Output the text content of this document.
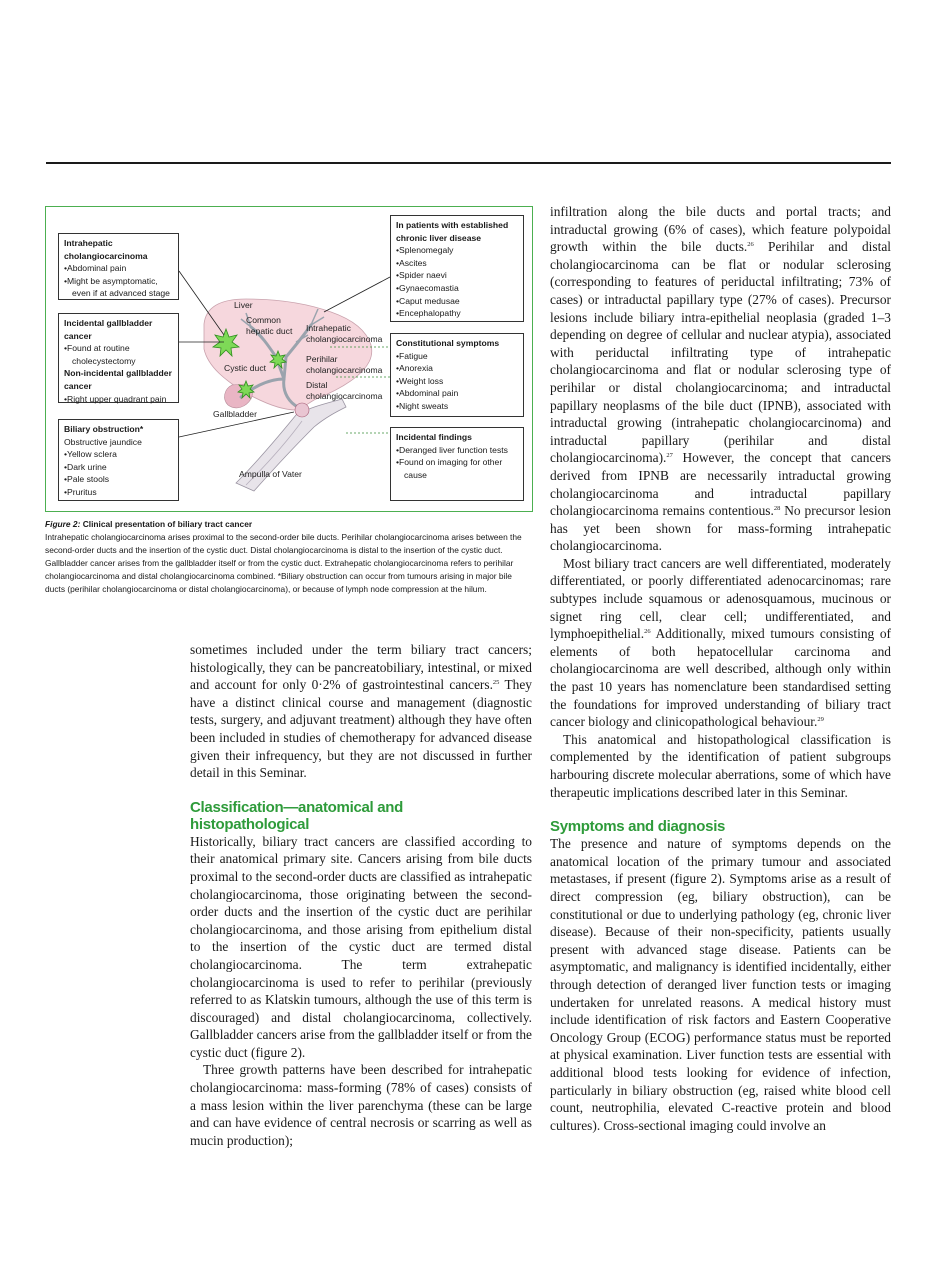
Intrahepatic cholangiocarcinoma
• Abdominal pain
• Might be asymptomatic, even if at advanced stage
Incidental gallbladder cancer
• Found at routine cholecystectomy
Non-incidental gallbladder cancer
• Right upper quadrant pain
Biliary obstruction*
Obstructive jaundice
• Yellow sclera
• Dark urine
• Pale stools
• Pruritus
In patients with established chronic liver disease
• Splenomegaly
• Ascites
• Spider naevi
• Gynaecomastia
• Caput medusae
• Encephalopathy
Constitutional symptoms
• Fatigue
• Anorexia
• Weight loss
• Abdominal pain
• Night sweats
Incidental findings
• Deranged liver function tests
• Found on imaging for other cause
Liver
Common hepatic duct
Cystic duct
Gallbladder
Ampulla of Vater
Intrahepatic cholangiocarcinoma
Perihilar cholangiocarcinoma
Distal cholangiocarcinoma
Figure 2: Clinical presentation of biliary tract cancer
Intrahepatic cholangiocarcinoma arises proximal to the second-order bile ducts. Perihilar cholangiocarcinoma arises between the second-order ducts and the insertion of the cystic duct. Distal cholangiocarcinoma is distal to the insertion of the cystic duct. Gallbladder cancer arises from the gallbladder itself or from the cystic duct. Extrahepatic cholangiocarcinoma refers to perihilar cholangiocarcinoma and distal cholangiocarcinoma combined. *Biliary obstruction can occur from tumours arising in major bile ducts (perihilar cholangiocarcinoma or distal cholangiocarcinoma), or because of lymph node compression at the hilum.

sometimes included under the term biliary tract cancers; histologically, they can be pancreatobiliary, intestinal, or mixed and account for only 0·2% of gastrointestinal cancers.$^{25}$ They have a distinct clinical course and management (diagnostic tests, surgery, and adjuvant treatment) although they have often been included in studies of chemotherapy for advanced disease given their infrequency, but they are not discussed in further detail in this Seminar.

Classification—anatomical and histopathological

Historically, biliary tract cancers are classified according to their anatomical primary site. Cancers arising from bile ducts proximal to the second-order ducts are classified as intrahepatic cholangiocarcinoma, those originating between the second-order ducts and the insertion of the cystic duct are perihilar cholangiocarcinoma, and those arising from epithelium distal to the insertion of the cystic duct are termed distal cholangiocarcinoma. The term extrahepatic cholangiocarcinoma is used to refer to perihilar (previously referred to as Klatskin tumours, although the use of this term is discouraged) and distal cholangiocarcinoma, collectively. Gallbladder cancers arise from the gallbladder itself or from the cystic duct (figure 2).

Three growth patterns have been described for intrahepatic cholangiocarcinoma: mass-forming (78% of cases) consists of a mass lesion within the liver parenchyma (these can be large and can have evidence of central necrosis or scarring as well as mucin production);

infiltration along the bile ducts and portal tracts; and intraductal growing (6% of cases), which feature polypoidal growth within the bile ducts.$^{26}$ Perihilar and distal cholangiocarcinoma can be flat or nodular sclerosing (corresponding to features of periductal infiltrating; 73% of cases) or intraductal papillary type (27% of cases). Precursor lesions include biliary intra-epithelial neoplasia (graded 1–3 depending on degree of cellular and nuclear atypia), associated with periductal infiltrating type of intrahepatic cholangiocarcinoma and flat or nodular sclerosing type of perihilar or distal cholangiocarcinoma; and intraductal papillary neoplasms of the bile duct (IPNB), associated with intraductal growing (intrahepatic cholangiocarcinoma) and intraductal papillary (perihilar and distal cholangiocarcinoma).$^{27}$ However, the concept that cancers derived from IPNB are necessarily intraductal growing cholangiocarcinoma and intraductal papillary cholangiocarcinoma remains contentious.$^{28}$ No precursor lesion has yet been shown for mass-forming intrahepatic cholangiocarcinoma.

Most biliary tract cancers are well differentiated, moderately differentiated, or poorly differentiated adenocarcinomas; rare subtypes include squamous or adenosquamous, mucinous or signet ring cell, clear cell; undifferentiated, and lymphoepithelial.$^{26}$ Additionally, mixed tumours consisting of elements of both hepatocellular carcinoma and cholangiocarcinoma are well described, although only within the past 10 years has nomenclature been standardised setting the foundations for improved understanding of biliary tract cancer biology and clinicopathological behaviour.$^{29}$

This anatomical and histopathological classification is complemented by the identification of patient subgroups harbouring discrete molecular aberrations, some of which have therapeutic implications described later in this Seminar.

Symptoms and diagnosis

The presence and nature of symptoms depends on the anatomical location of the primary tumour and associated metastases, if present (figure 2). Symptoms arise as a result of direct compression (eg, biliary obstruction), can be constitutional or due to underlying pathology (eg, chronic liver disease). Because of their non-specificity, patients usually present with advanced stage disease. Patients can be asymptomatic, and malignancy is identified incidentally, either through detection of deranged liver function tests or imaging undertaken for unrelated reasons. A medical history must include identification of risk factors and Eastern Cooperative Oncology Group (ECOG) performance status must be reported at physical examination. Liver function tests are essential with additional blood tests looking for evidence of infection, particularly in biliary obstruction (eg, raised white blood cell count, neutrophilia, elevated C-reactive protein and blood cultures). Cross-sectional imaging could involve an
